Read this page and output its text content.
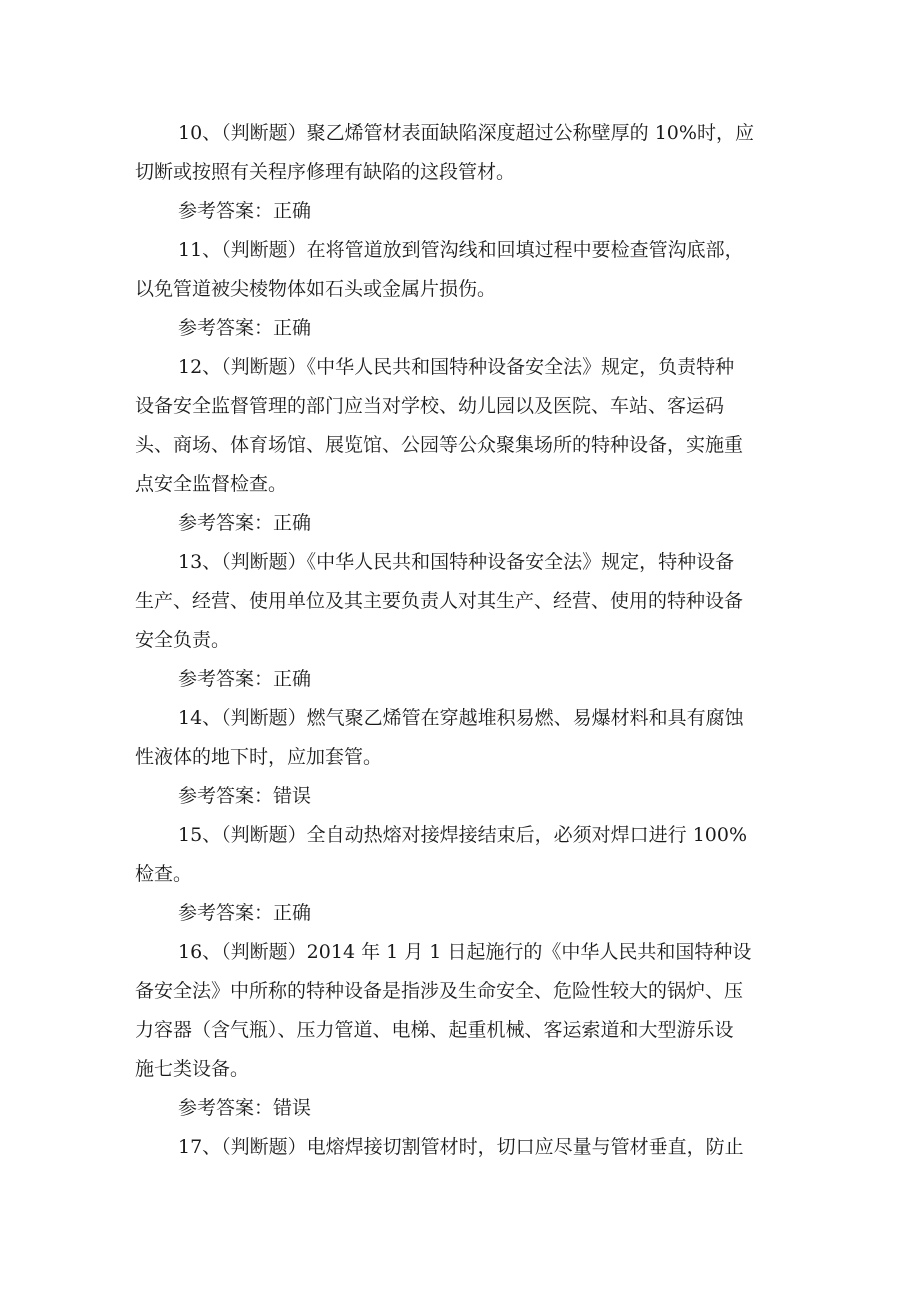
10、（判断题）聚乙烯管材表面缺陷深度超过公称壁厚的 10%时，应
切断或按照有关程序修理有缺陷的这段管材。
参考答案：正确
11、（判断题）在将管道放到管沟线和回填过程中要检查管沟底部，
以免管道被尖棱物体如石头或金属片损伤。
参考答案：正确
12、（判断题）《中华人民共和国特种设备安全法》规定，负责特种
设备安全监督管理的部门应当对学校、幼儿园以及医院、车站、客运码
头、商场、体育场馆、展览馆、公园等公众聚集场所的特种设备，实施重
点安全监督检查。
参考答案：正确
13、（判断题）《中华人民共和国特种设备安全法》规定，特种设备
生产、经营、使用单位及其主要负责人对其生产、经营、使用的特种设备
安全负责。
参考答案：正确
14、（判断题）燃气聚乙烯管在穿越堆积易燃、易爆材料和具有腐蚀
性液体的地下时，应加套管。
参考答案：错误
15、（判断题）全自动热熔对接焊接结束后，必须对焊口进行 100%
检查。
参考答案：正确
16、（判断题）2014 年 1 月 1 日起施行的《中华人民共和国特种设
备安全法》中所称的特种设备是指涉及生命安全、危险性较大的锅炉、压
力容器（含气瓶）、压力管道、电梯、起重机械、客运索道和大型游乐设
施七类设备。
参考答案：错误
17、（判断题）电熔焊接切割管材时，切口应尽量与管材垂直，防止
